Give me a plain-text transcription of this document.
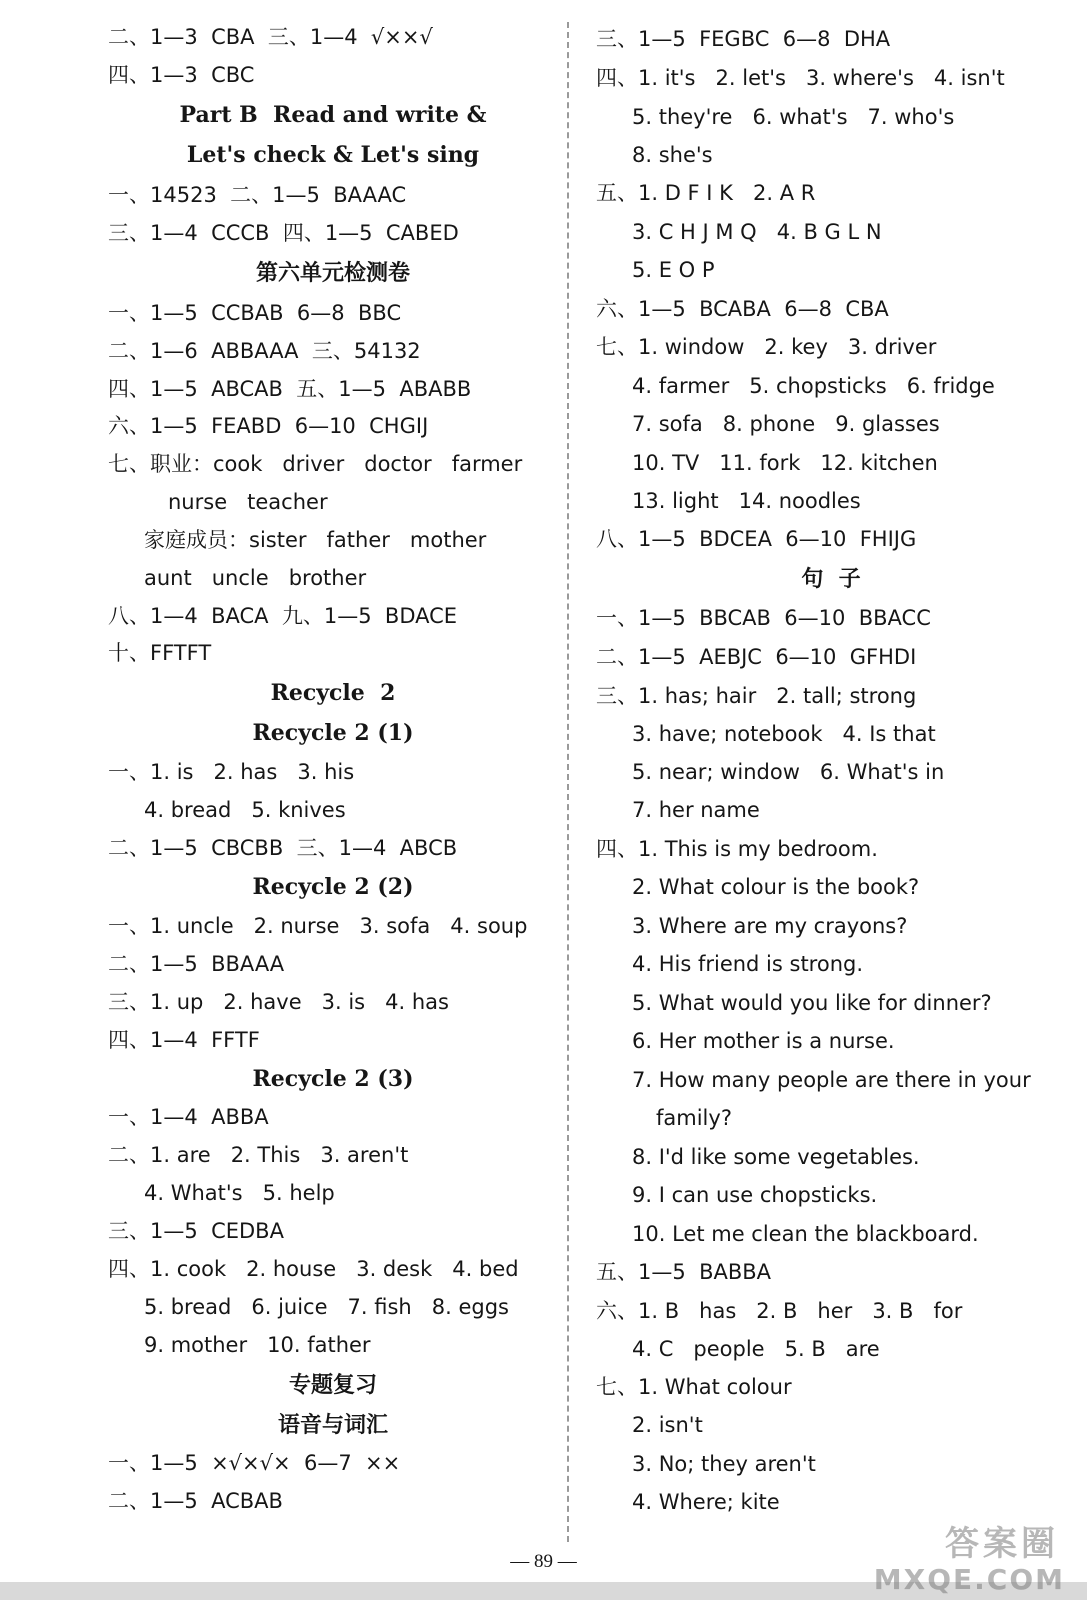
二、1—3  CBA  三、1—4  √××√
四、1—3  CBC
Part B  Read and write &
Let's check & Let's sing
一、14523  二、1—5  BAAAC
三、1—4  CCCB  四、1—5  CABED
第六单元检测卷
一、1—5  CCBAB  6—8  BBC
二、1—6  ABBAAA  三、54132
四、1—5  ABCAB  五、1—5  ABABB
六、1—5  FEABD  6—10  CHGIJ
七、职业：cook   driver   doctor   farmer
nurse   teacher
家庭成员：sister   father   mother
aunt   uncle   brother
八、1—4  BACA  九、1—5  BDACE
十、FFTFT
Recycle  2
Recycle 2 (1)
一、1. is   2. has   3. his
4. bread   5. knives
二、1—5  CBCBB  三、1—4  ABCB
Recycle 2 (2)
一、1. uncle   2. nurse   3. sofa   4. soup
二、1—5  BBAAA
三、1. up   2. have   3. is   4. has
四、1—4  FFTF
Recycle 2 (3)
一、1—4  ABBA
二、1. are   2. This   3. aren't
4. What's   5. help
三、1—5  CEDBA
四、1. cook   2. house   3. desk   4. bed
5. bread   6. juice   7. fish   8. eggs
9. mother   10. father
专题复习
语音与词汇
一、1—5  ×√×√×  6—7  ××
二、1—5  ACBAB
三、1—5  FEGBC  6—8  DHA
四、1. it's   2. let's   3. where's   4. isn't
5. they're   6. what's   7. who's
8. she's
五、1. D F I K   2. A R
3. C H J M Q   4. B G L N
5. E O P
六、1—5  BCABA  6—8  CBA
七、1. window   2. key   3. driver
4. farmer   5. chopsticks   6. fridge
7. sofa   8. phone   9. glasses
10. TV   11. fork   12. kitchen
13. light   14. noodles
八、1—5  BDCEA  6—10  FHIJG
句  子
一、1—5  BBCAB  6—10  BBACC
二、1—5  AEBJC  6—10  GFHDI
三、1. has; hair   2. tall; strong
3. have; notebook   4. Is that
5. near; window   6. What's in
7. her name
四、1. This is my bedroom.
2. What colour is the book?
3. Where are my crayons?
4. His friend is strong.
5. What would you like for dinner?
6. Her mother is a nurse.
7. How many people are there in your
family?
8. I'd like some vegetables.
9. I can use chopsticks.
10. Let me clean the blackboard.
五、1—5  BABBA
六、1. B   has   2. B   her   3. B   for
4. C   people   5. B   are
七、1. What colour
2. isn't
3. No; they aren't
4. Where; kite
— 89 —	答案圈
MXQE.COM
